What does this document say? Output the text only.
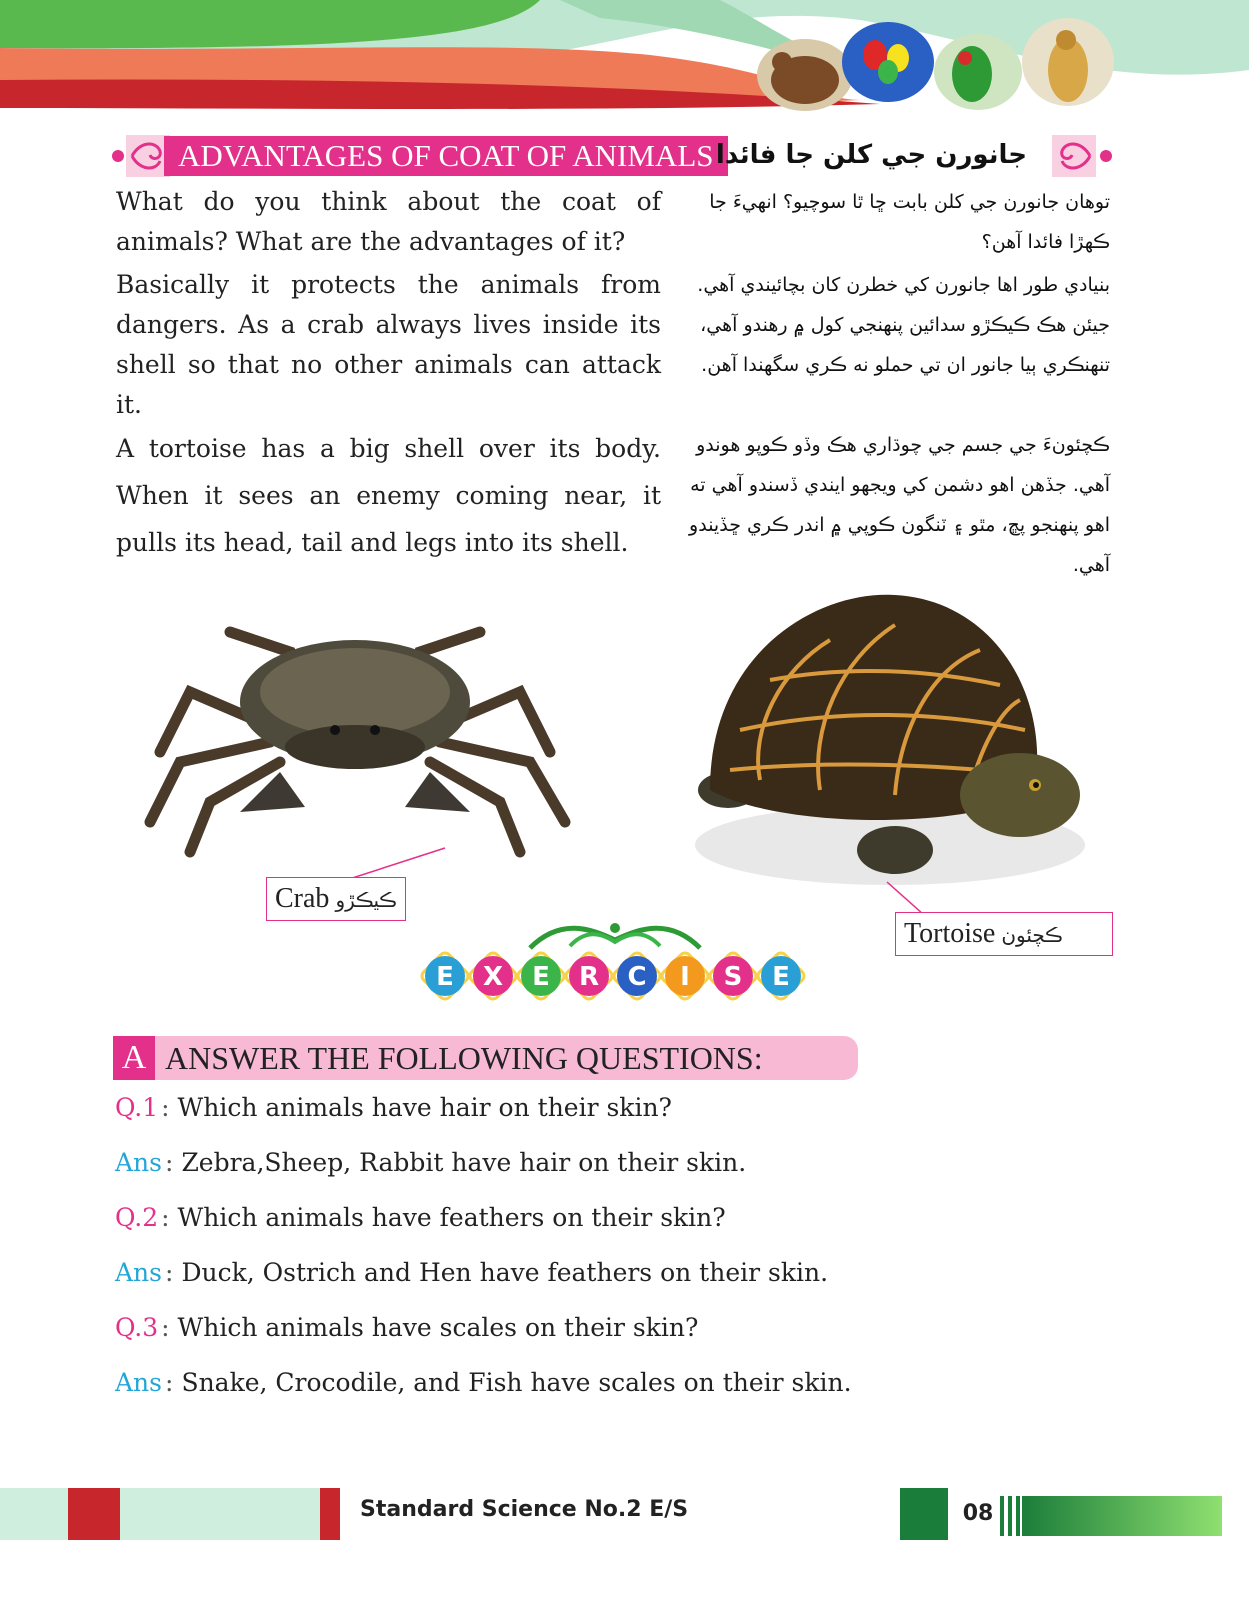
ADVANTAGES OF COAT OF ANIMALS جانورن جي کلن جا فائدا
What do you think about the coat of animals? What are the advantages of it?
توهان جانورن جي کلن بابت ڇا ٿا سوچيو؟ انهيءَ جا ڪهڙا فائدا آهن؟
Basically it protects the animals from dangers. As a crab always lives inside its shell so that no other animals can attack it.
بنيادي طور اها جانورن کي خطرن کان بچائيندي آهي. جيئن هڪ ڪيڪڙو سدائين پنهنجي کول ۾ رهندو آهي، تنهنڪري ٻيا جانور ان تي حملو نه ڪري سگهندا آهن.
A tortoise has a big shell over its body. When it sees an enemy coming near, it pulls its head, tail and legs into its shell.
ڪچئونءَ جي جسم جي چوڌاري هڪ وڏو ڪوپو هوندو آهي. جڏهن اهو دشمن کي ويجهو ايندي ڏسندو آهي ته اهو پنهنجو پڇ، مٿو ۽ ٽنگون ڪوپي ۾ اندر ڪري ڇڏيندو آهي.
Crab ڪيڪڙو
Tortoise ڪچئون
E X E R C I S E
A ANSWER THE FOLLOWING QUESTIONS:
Q.1 : Which animals have hair on their skin?
Ans : Zebra,Sheep, Rabbit have hair on their skin.
Q.2 : Which animals have feathers on their skin?
Ans : Duck, Ostrich and Hen have feathers on their skin.
Q.3 : Which animals have scales on their skin?
Ans : Snake, Crocodile, and Fish have scales on their skin.
Standard Science No.2 E/S	08
